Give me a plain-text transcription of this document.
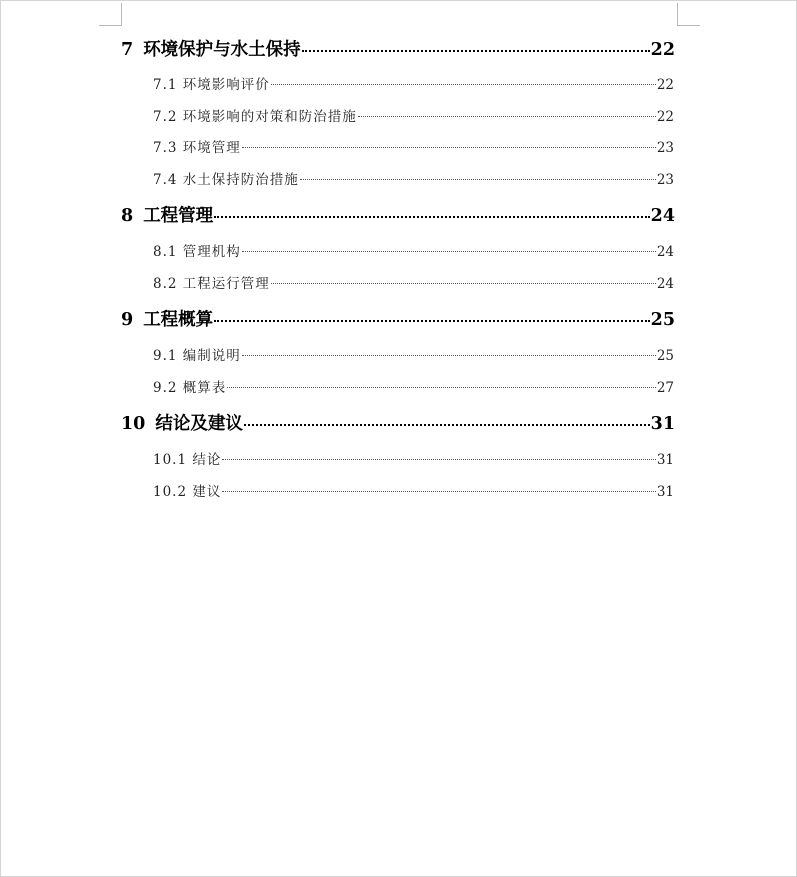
7 环境保护与水土保持	22
7.1 环境影响评价	22
7.2 环境影响的对策和防治措施	22
7.3 环境管理	23
7.4 水土保持防治措施	23
8 工程管理	24
8.1 管理机构	24
8.2 工程运行管理	24
9 工程概算	25
9.1 编制说明	25
9.2 概算表	27
10 结论及建议	31
10.1 结论	31
10.2 建议	31
